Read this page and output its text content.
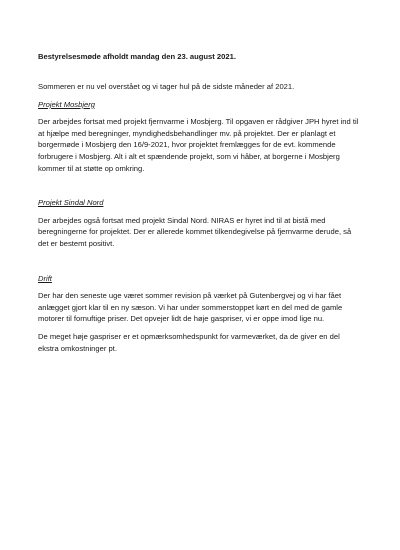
Bestyrelsesmøde afholdt mandag den 23. august 2021.

Sommeren er nu vel overstået og vi tager hul på de sidste måneder af 2021.

Projekt Mosbjerg

Der arbejdes fortsat med projekt fjernvarme i Mosbjerg. Til opgaven er rådgiver JPH hyret ind til at hjælpe med beregninger, myndighedsbehandlinger mv. på projektet. Der er planlagt et borgermøde i Mosbjerg den 16/9-2021, hvor projektet fremlægges for de evt. kommende forbrugere i Mosbjerg. Alt i alt et spændende projekt, som vi håber, at borgerne i Mosbjerg kommer til at støtte op omkring.

Projekt Sindal Nord

Der arbejdes også fortsat med projekt Sindal Nord. NIRAS er hyret ind til at bistå med beregningerne for projektet. Der er allerede kommet tilkendegivelse på fjernvarme derude, så det er bestemt positivt.

Drift

Der har den seneste uge været sommer revision på værket på Gutenbergvej og vi har fået anlægget gjort klar til en ny sæson. Vi har under sommerstoppet kørt en del med de gamle motorer til fornuftige priser. Det opvejer lidt de høje gaspriser, vi er oppe imod lige nu.

De meget høje gaspriser er et opmærksomhedspunkt for varmeværket, da de giver en del ekstra omkostninger pt.
